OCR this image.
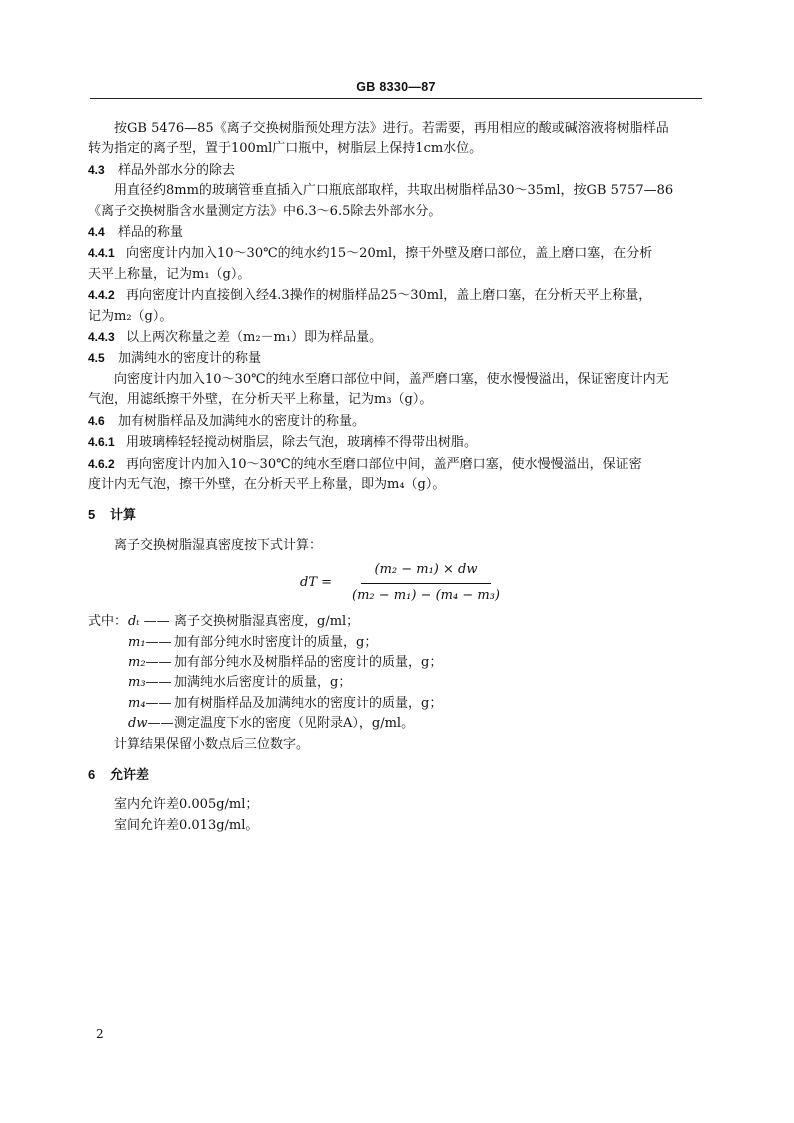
GB 8330—87

按GB 5476—85《离子交换树脂预处理方法》进行。若需要，再用相应的酸或碱溶液将树脂样品

转为指定的离子型，置于100ml广口瓶中，树脂层上保持1cm水位。

4.3 样品外部水分的除去

用直径约8mm的玻璃管垂直插入广口瓶底部取样，共取出树脂样品30～35ml，按GB 5757—86

《离子交换树脂含水量测定方法》中6.3～6.5除去外部水分。

4.4 样品的称量

4.4.1 向密度计内加入10～30℃的纯水约15～20ml，擦干外壁及磨口部位，盖上磨口塞，在分析

天平上称量，记为m₁（g）。

4.4.2 再向密度计内直接倒入经4.3操作的树脂样品25～30ml，盖上磨口塞，在分析天平上称量，

记为m₂（g）。

4.4.3 以上两次称量之差（m₂－m₁）即为样品量。

4.5 加满纯水的密度计的称量

向密度计内加入10～30℃的纯水至磨口部位中间，盖严磨口塞，使水慢慢溢出，保证密度计内无

气泡，用滤纸擦干外壁，在分析天平上称量，记为m₃（g）。

4.6 加有树脂样品及加满纯水的密度计的称量。

4.6.1 用玻璃棒轻轻搅动树脂层，除去气泡，玻璃棒不得带出树脂。

4.6.2 再向密度计内加入10～30℃的纯水至磨口部位中间，盖严磨口塞，使水慢慢溢出，保证密

度计内无气泡，擦干外壁，在分析天平上称量，即为m₄（g）。

5 计算

离子交换树脂湿真密度按下式计算：

dT = $\frac{\text{(m₂ − m₁) × dw}}{\text{(m₂ − m₁) − (m₄ − m₃)}}$
式中： dₜ —— 离子交换树脂湿真密度，g/ml；
m₁—— 加有部分纯水时密度计的质量，g；
m₂—— 加有部分纯水及树脂样品的密度计的质量，g；
m₃—— 加满纯水后密度计的质量，g；
m₄—— 加有树脂样品及加满纯水的密度计的质量，g；
dw——测定温度下水的密度（见附录A），g/ml。

计算结果保留小数点后三位数字。

6 允许差

室内允许差0.005g/ml；

室间允许差0.013g/ml。

2
